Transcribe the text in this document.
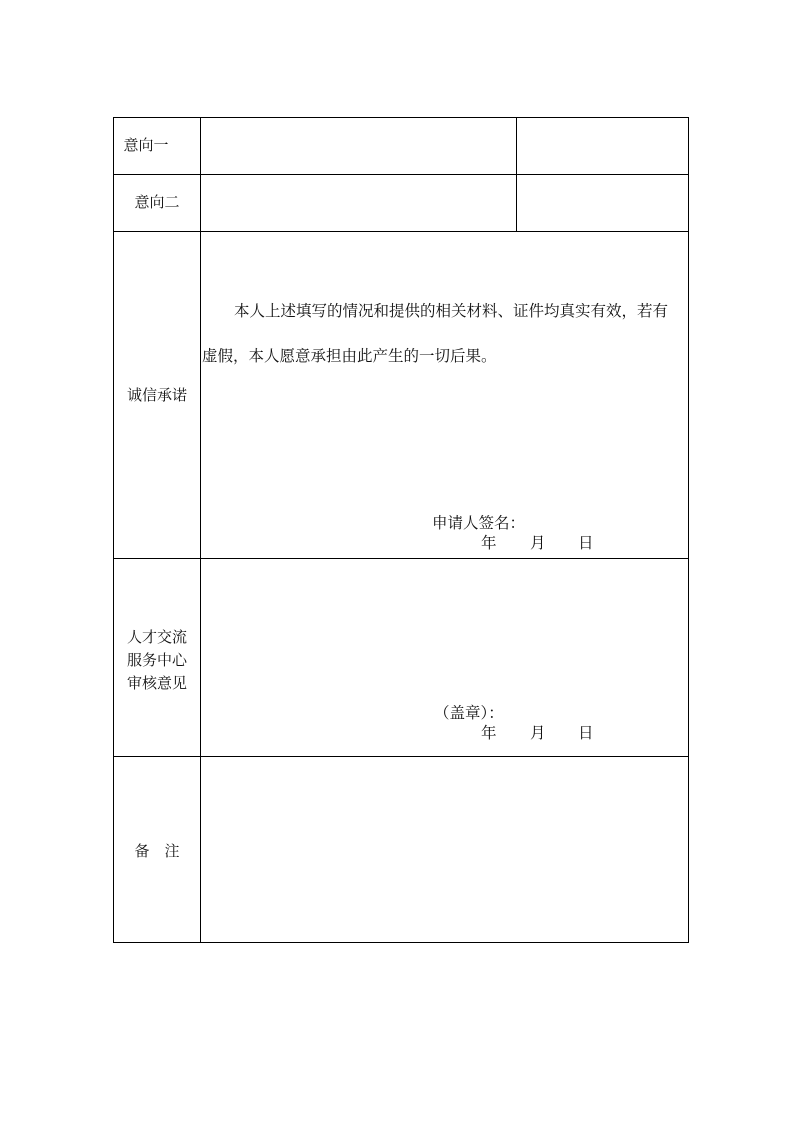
意向一
意向二
诚信承诺
本人上述填写的情况和提供的相关材料、证件均真实有效，若有
虚假，本人愿意承担由此产生的一切后果。
申请人签名：
年 月 日
人才交流
服务中心
审核意见
（盖章）：
年 月 日
备　注
